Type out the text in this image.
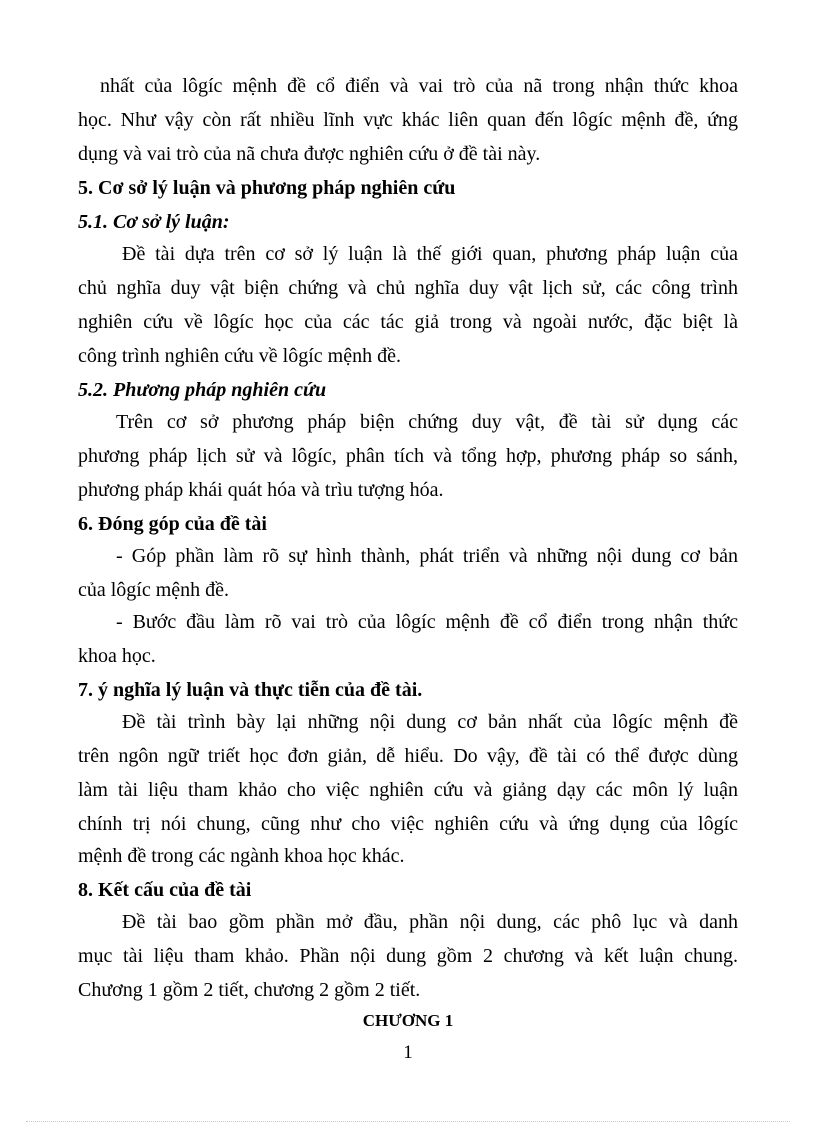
nhất của lôgíc mệnh đề cổ điển và vai trò của nã trong nhận thức khoa
học. Như vậy còn rất nhiều lĩnh vực khác liên quan đến lôgíc mệnh đề, ứng
dụng và vai trò của nã chưa được nghiên cứu ở đề tài này.
5. Cơ sở lý luận và phương pháp nghiên cứu
5.1. Cơ sở lý luận:
Đề tài dựa trên cơ sở lý luận là thế giới quan, phương pháp luận của
chủ nghĩa duy vật biện chứng và chủ nghĩa duy vật lịch sử, các công trình
nghiên cứu về lôgíc học của các tác giả trong và ngoài nước, đặc biệt là
công trình nghiên cứu về lôgíc mệnh đề.
5.2. Phương pháp nghiên cứu
Trên cơ sở phương pháp biện chứng duy vật, đề tài sử dụng các
phương pháp lịch sử và lôgíc, phân tích và tổng hợp, phương pháp so sánh,
phương pháp khái quát hóa và trìu tượng hóa.
6. Đóng góp của đề tài
- Góp phần làm rõ sự hình thành, phát triển và những nội dung cơ bản
của lôgíc mệnh đề.
- Bước đầu làm rõ vai trò của lôgíc mệnh đề cổ điển trong nhận thức
khoa học.
7. ý nghĩa lý luận và thực tiễn của đề tài.
Đề tài trình bày lại những nội dung cơ bản nhất của lôgíc mệnh đề
trên ngôn ngữ triết học đơn giản, dễ hiểu. Do vậy, đề tài có thể được dùng
làm tài liệu tham khảo cho việc nghiên cứu và giảng dạy các môn lý luận
chính trị nói chung, cũng như cho việc nghiên cứu và ứng dụng của lôgíc
mệnh đề trong các ngành khoa học khác.
8. Kết cấu của đề tài
Đề tài bao gồm phần mở đầu, phần nội dung, các phô lục và danh
mục tài liệu tham khảo. Phần nội dung gồm 2 chương và kết luận chung.
Chương 1 gồm 2 tiết, chương 2 gồm 2 tiết.
CHƯƠNG 1
1
